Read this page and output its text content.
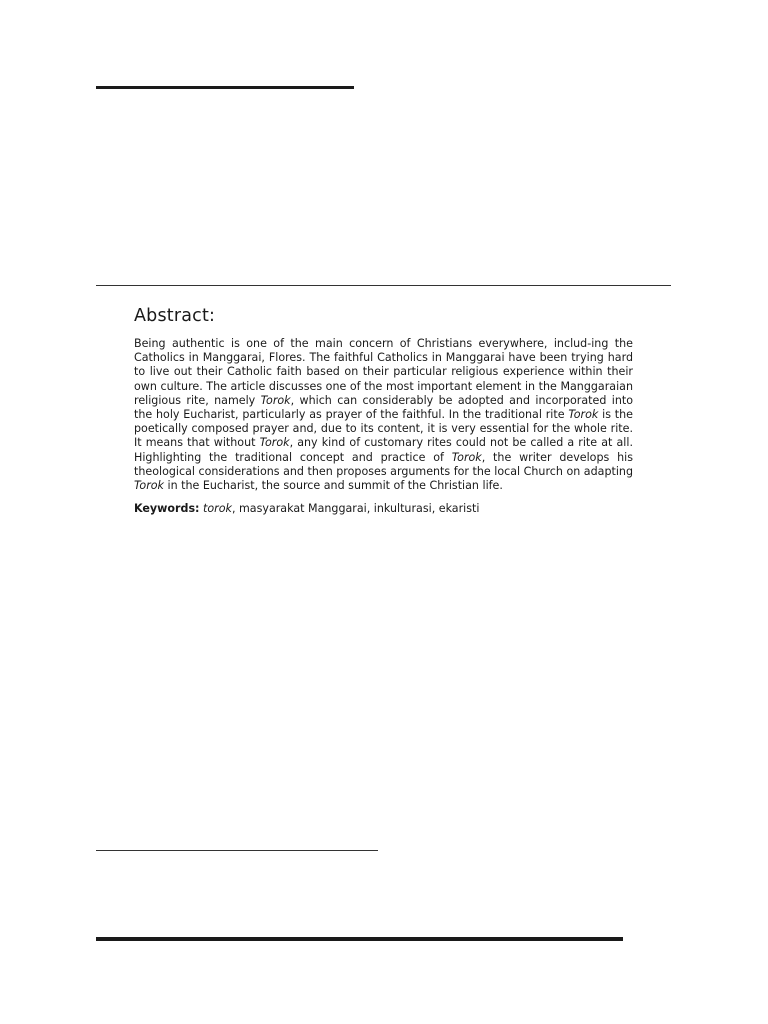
Abstract:

Being authentic is one of the main concern of Christians everywhere, includ-ing the Catholics in Manggarai, Flores. The faithful Catholics in Manggarai have been trying hard to live out their Catholic faith based on their particular religious experience within their own culture. The article discusses one of the most important element in the Manggaraian religious rite, namely Torok, which can considerably be adopted and incorporated into the holy Eucharist, particularly as prayer of the faithful. In the traditional rite Torok is the poetically composed prayer and, due to its content, it is very essential for the whole rite. It means that without Torok, any kind of customary rites could not be called a rite at all. Highlighting the traditional concept and practice of Torok, the writer develops his theological considerations and then proposes arguments for the local Church on adapting Torok in the Eucharist, the source and summit of the Christian life.

Keywords: torok, masyarakat Manggarai, inkulturasi, ekaristi
